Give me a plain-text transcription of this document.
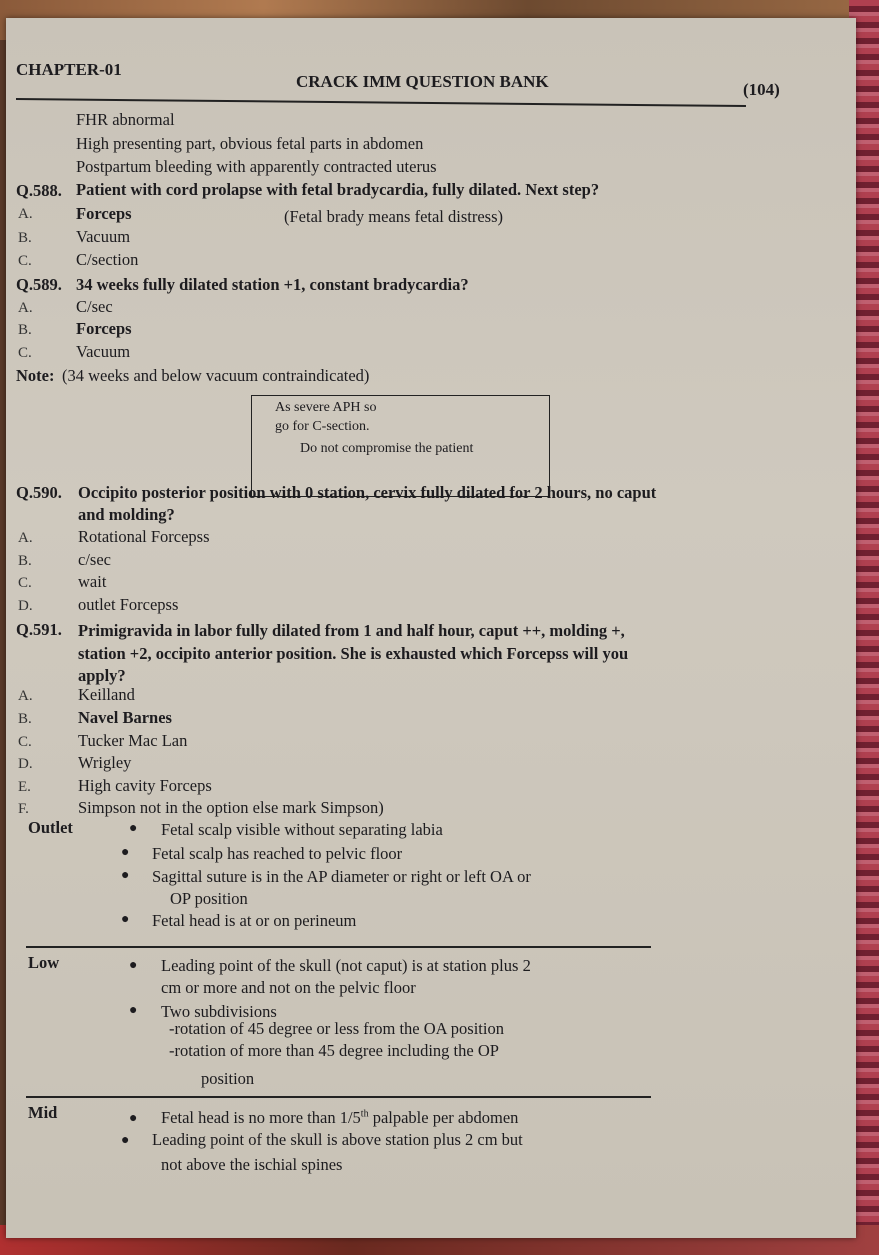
CHAPTER-01
CRACK IMM QUESTION BANK	(104)
FHR abnormal
High presenting part, obvious fetal parts in abdomen
Postpartum bleeding with apparently contracted uterus
Q.588. Patient with cord prolapse with fetal bradycardia, fully dilated. Next step?
A.	Forceps	(Fetal brady means fetal distress)
B.	Vacuum
C.	C/section
Q.589. 34 weeks fully dilated station +1, constant bradycardia?
A.	C/sec
B.	Forceps
C.	Vacuum
Note: (34 weeks and below vacuum contraindicated)
As severe APH so
go for C-section.
Do not compromise the patient
Q.590. Occipito posterior position with 0 station, cervix fully dilated for 2 hours, no caput
and molding?
A.	Rotational Forcepss
B.	c/sec
C.	wait
D.	outlet Forcepss
Q.591. Primigravida in labor fully dilated from 1 and half hour, caput ++, molding +,
station +2, occipito anterior position. She is exhausted which Forcepss will you
apply?
A.	Keilland
B.	Navel Barnes
C.	Tucker Mac Lan
D.	Wrigley
E.	High cavity Forceps
F.	Simpson not in the option else mark Simpson)
Outlet	● Fetal scalp visible without separating labia
● Fetal scalp has reached to pelvic floor
● Sagittal suture is in the AP diameter or right or left OA or
OP position
● Fetal head is at or on perineum
Low	● Leading point of the skull (not caput) is at station plus 2
cm or more and not on the pelvic floor
● Two subdivisions
-rotation of 45 degree or less from the OA position
-rotation of more than 45 degree including the OP
position
Mid	● Fetal head is no more than 1/5th palpable per abdomen
● Leading point of the skull is above station plus 2 cm but
not above the ischial spines
